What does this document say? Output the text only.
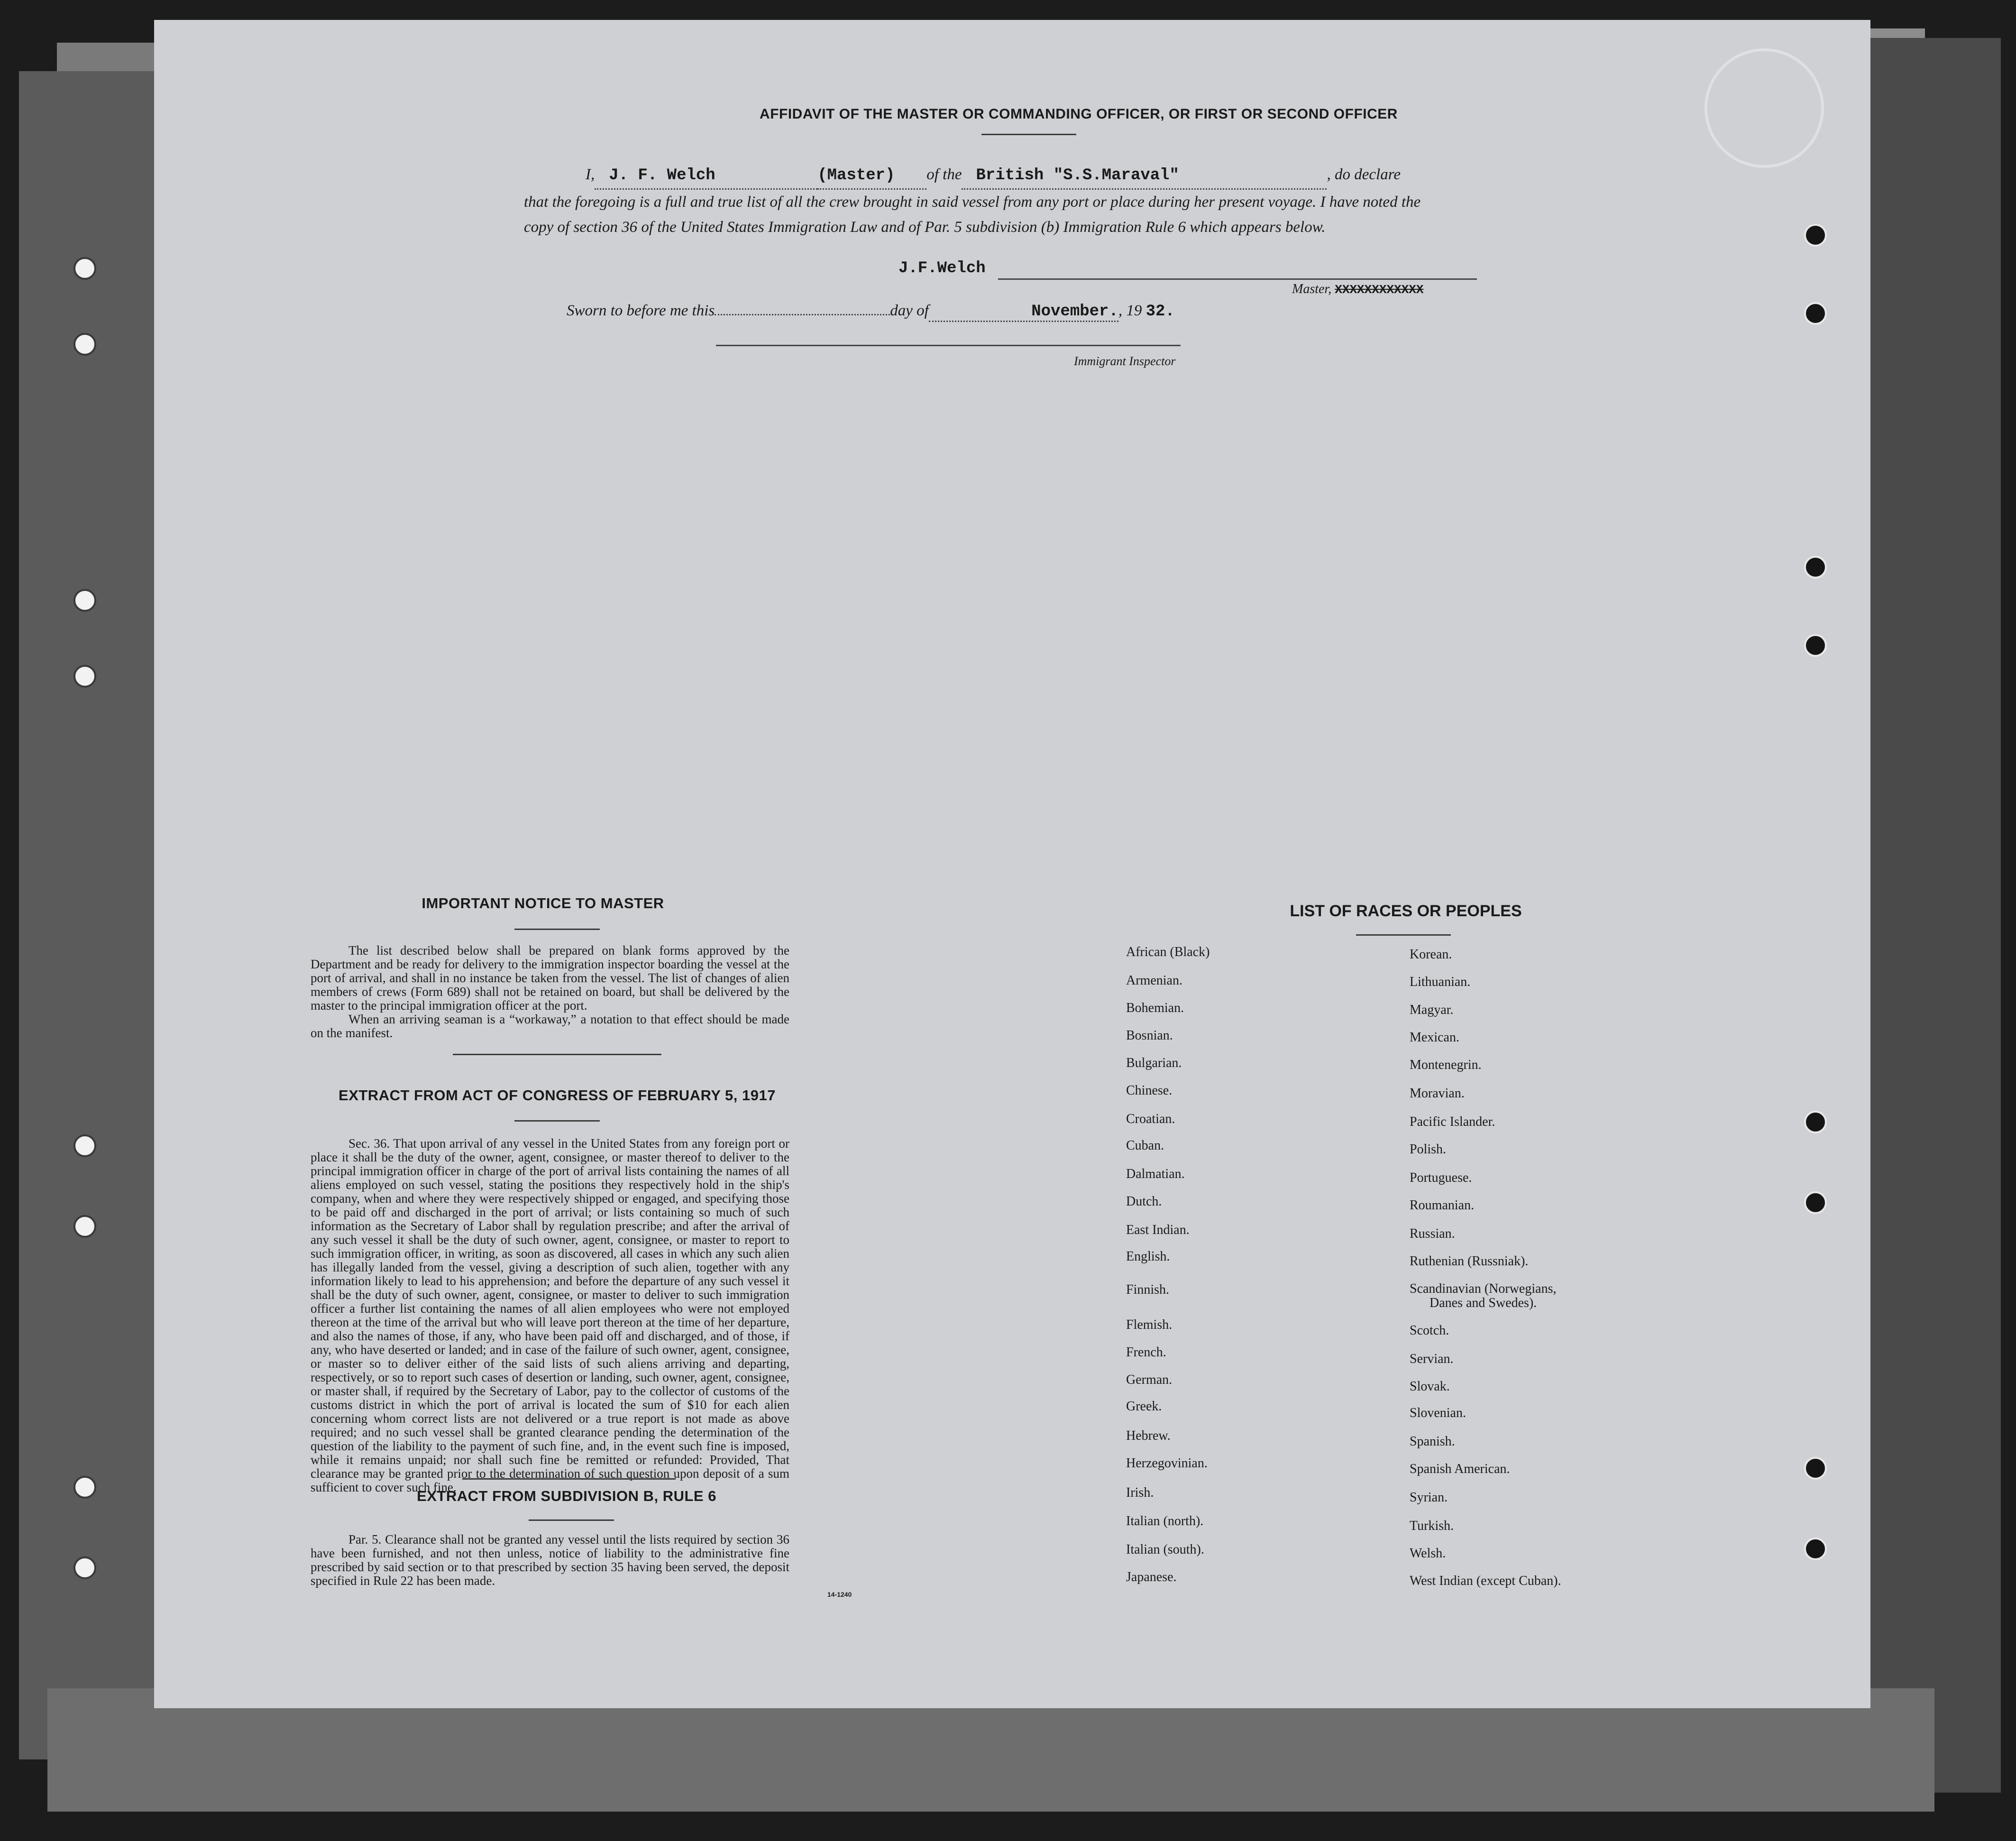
AFFIDAVIT OF THE MASTER OR COMMANDING OFFICER, OR FIRST OR SECOND OFFICER
I, J. F. Welch	(Master) of the British "S.S.Maraval"	, do declare
that the foregoing is a full and true list of all the crew brought in said vessel from any port or place during her present voyage. I have noted the
copy of section 36 of the United States Immigration Law and of Par. 5 subdivision (b) Immigration Rule 6 which appears below.
J.F.Welch
Master, XXXXXXXXXXXX
Sworn to before me this	day of	November., 19 32.
Immigrant Inspector
IMPORTANT NOTICE TO MASTER

The list described below shall be prepared on blank forms approved by the Department and be ready for delivery to the immigration inspector boarding the vessel at the port of arrival, and shall in no instance be taken from the vessel. The list of changes of alien members of crews (Form 689) shall not be retained on board, but shall be delivered by the master to the principal immigration officer at the port.

When an arriving seaman is a “workaway,” a notation to that effect should be made on the manifest.

EXTRACT FROM ACT OF CONGRESS OF FEBRUARY 5, 1917
Sec. 36. That upon arrival of any vessel in the United States from any foreign port or place it shall be the duty of the owner, agent, consignee, or master thereof to deliver to the principal immigration officer in charge of the port of arrival lists containing the names of all aliens employed on such vessel, stating the positions they respectively hold in the ship's company, when and where they were respectively shipped or engaged, and specifying those to be paid off and discharged in the port of arrival; or lists containing so much of such information as the Secretary of Labor shall by regulation prescribe; and after the arrival of any such vessel it shall be the duty of such owner, agent, consignee, or master to report to such immigration officer, in writing, as soon as discovered, all cases in which any such alien has illegally landed from the vessel, giving a description of such alien, together with any information likely to lead to his apprehension; and before the departure of any such vessel it shall be the duty of such owner, agent, consignee, or master to deliver to such immigration officer a further list containing the names of all alien employees who were not employed thereon at the time of the arrival but who will leave port thereon at the time of her departure, and also the names of those, if any, who have been paid off and discharged, and of those, if any, who have deserted or landed; and in case of the failure of such owner, agent, consignee, or master so to deliver either of the said lists of such aliens arriving and departing, respectively, or so to report such cases of desertion or landing, such owner, agent, consignee, or master shall, if required by the Secretary of Labor, pay to the collector of customs of the customs district in which the port of arrival is located the sum of $10 for each alien concerning whom correct lists are not delivered or a true report is not made as above required; and no such vessel shall be granted clearance pending the determination of the question of the liability to the payment of such fine, and, in the event such fine is imposed, while it remains unpaid; nor shall such fine be remitted or refunded: Provided, That clearance may be granted prior to the determination of such question upon deposit of a sum sufficient to cover such fine.
EXTRACT FROM SUBDIVISION B, RULE 6
Par. 5. Clearance shall not be granted any vessel until the lists required by section 36 have been furnished, and not then unless, notice of liability to the administrative fine prescribed by said section or to that prescribed by section 35 having been served, the deposit specified in Rule 22 has been made.
14-1240
LIST OF RACES OR PEOPLES
African (Black)
Armenian.
Bohemian.
Bosnian.
Bulgarian.
Chinese.
Croatian.
Cuban.
Dalmatian.
Dutch.
East Indian.
English.
Finnish.
Flemish.
French.
German.
Greek.
Hebrew.
Herzegovinian.
Irish.
Italian (north).
Italian (south).
Japanese.
Korean.
Lithuanian.
Magyar.
Mexican.
Montenegrin.
Moravian.
Pacific Islander.
Polish.
Portuguese.
Roumanian.
Russian.
Ruthenian (Russniak).
Scandinavian (Norwegians,
Scotch.
Servian.
Slovak.
Slovenian.
Spanish.
Spanish American.
Syrian.
Turkish.
Welsh.
West Indian (except Cuban).
Danes and Swedes).
